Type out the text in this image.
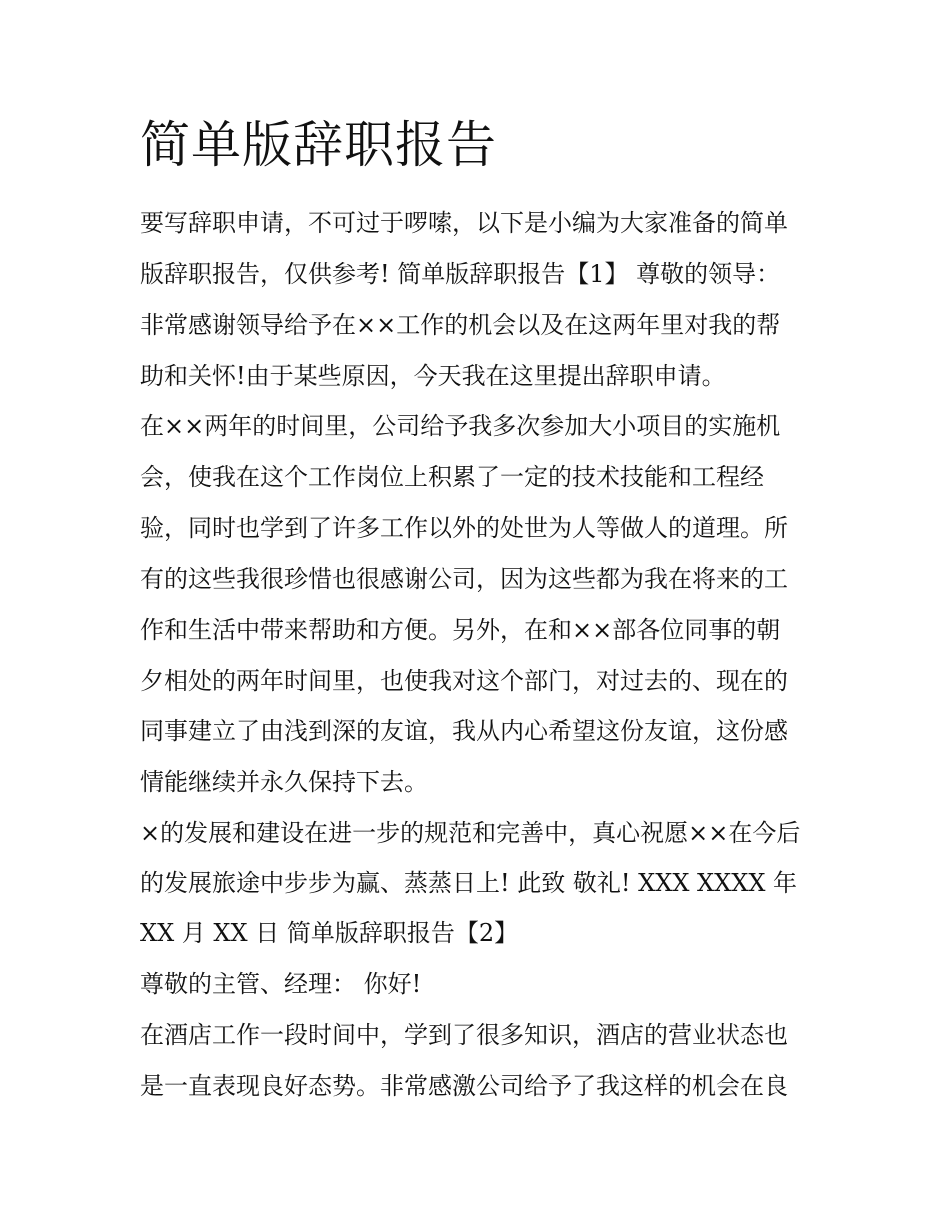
简单版辞职报告
要写辞职申请，不可过于啰嗦，以下是小编为大家准备的简单
版辞职报告，仅供参考! 简单版辞职报告【1】 尊敬的领导：
非常感谢领导给予在××工作的机会以及在这两年里对我的帮
助和关怀!由于某些原因，今天我在这里提出辞职申请。
在××两年的时间里，公司给予我多次参加大小项目的实施机
会，使我在这个工作岗位上积累了一定的技术技能和工程经
验，同时也学到了许多工作以外的处世为人等做人的道理。所
有的这些我很珍惜也很感谢公司，因为这些都为我在将来的工
作和生活中带来帮助和方便。另外，在和××部各位同事的朝
夕相处的两年时间里，也使我对这个部门，对过去的、现在的
同事建立了由浅到深的友谊，我从内心希望这份友谊，这份感
情能继续并永久保持下去。
×的发展和建设在进一步的规范和完善中，真心祝愿××在今后
的发展旅途中步步为赢、蒸蒸日上! 此致 敬礼! XXX XXXX 年
XX 月 XX 日 简单版辞职报告【2】
尊敬的主管、经理： 你好!
在酒店工作一段时间中，学到了很多知识，酒店的营业状态也
是一直表现良好态势。非常感激公司给予了我这样的机会在良
